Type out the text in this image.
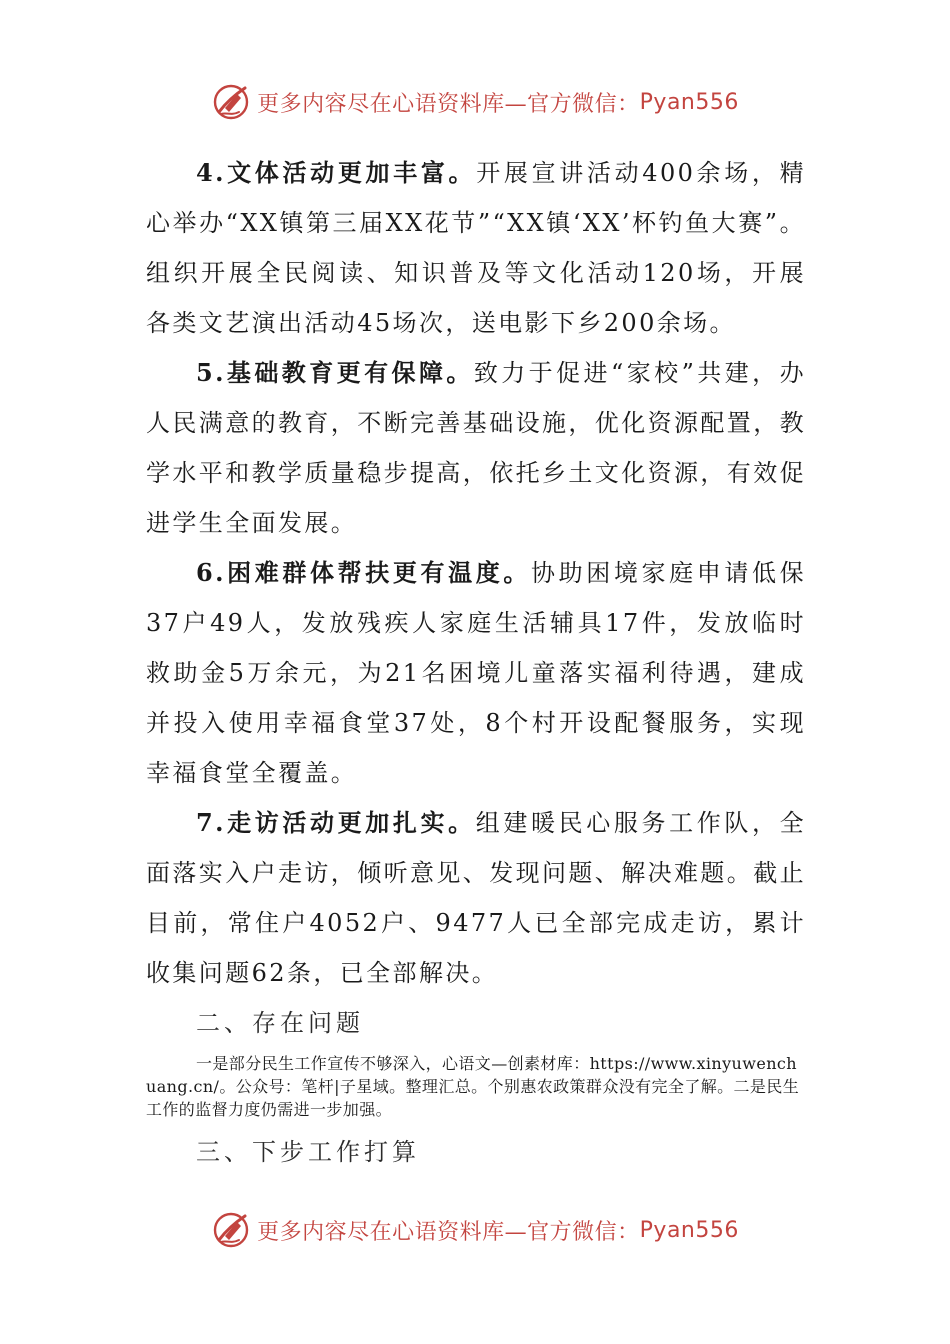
更多内容尽在心语资料库—官方微信： Pyan556

4.文体活动更加丰富。开展宣讲活动400余场，精心举办“XX镇第三届XX花节”“XX镇‘XX’杯钓鱼大赛”。组织开展全民阅读、知识普及等文化活动120场，开展各类文艺演出活动45场次，送电影下乡200余场。

5.基础教育更有保障。致力于促进“家校”共建，办人民满意的教育，不断完善基础设施，优化资源配置，教学水平和教学质量稳步提高，依托乡土文化资源，有效促进学生全面发展。

6.困难群体帮扶更有温度。协助困境家庭申请低保37户49人，发放残疾人家庭生活辅具17件，发放临时救助金5万余元，为21名困境儿童落实福利待遇，建成并投入使用幸福食堂37处，8个村开设配餐服务，实现幸福食堂全覆盖。

7.走访活动更加扎实。组建暖民心服务工作队，全面落实入户走访，倾听意见、发现问题、解决难题。截止目前，常住户4052户、9477人已全部完成走访，累计收集问题62条，已全部解决。

二、存在问题

一是部分民生工作宣传不够深入，心语文—创素材库：https://www.xinyuwenchuang.cn/。公众号：笔杆|子星域。整理汇总。个别惠农政策群众没有完全了解。二是民生工作的监督力度仍需进一步加强。

三、下步工作打算

更多内容尽在心语资料库—官方微信： Pyan556
